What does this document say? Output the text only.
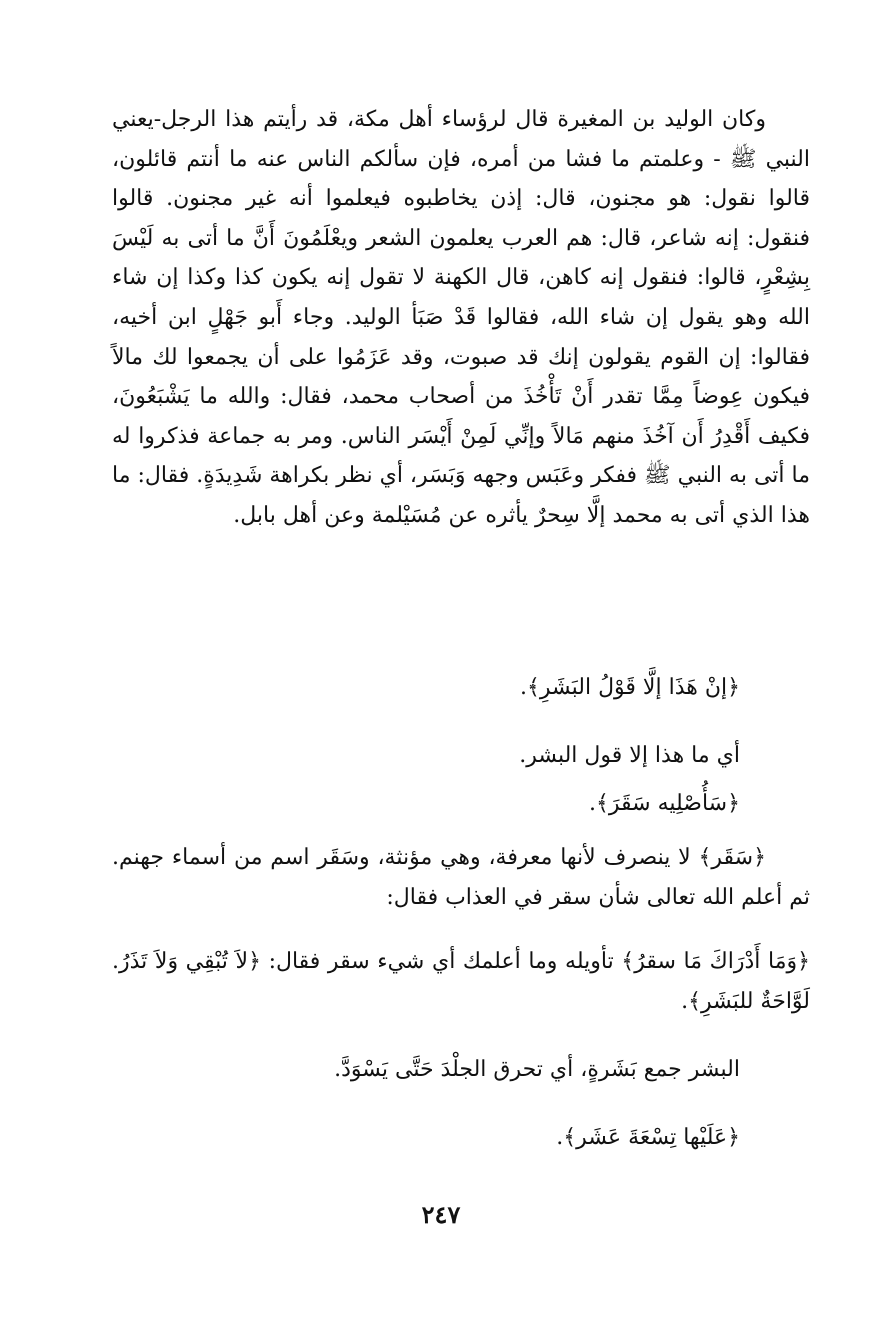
وكان الوليد بن المغيرة قال لرؤساء أهل مكة، قد رأيتم هذا الرجل-يعني النبي ﷺ - وعلمتم ما فشا من أمره، فإن سألكم الناس عنه ما أنتم قائلون، قالوا نقول: هو مجنون، قال: إذن يخاطبوه فيعلموا أنه غير مجنون. قالوا فنقول: إنه شاعر، قال: هم العرب يعلمون الشعر ويعْلَمُونَ أَنَّ ما أتى به لَيْسَ بِشِعْرٍ، قالوا: فنقول إنه كاهن، قال الكهنة لا تقول إنه يكون كذا وكذا إن شاء الله وهو يقول إن شاء الله، فقالوا قَدْ صَبَأ الوليد. وجاء أَبو جَهْلٍ ابن أخيه، فقالوا: إن القوم يقولون إنك قد صبوت، وقد عَزَمُوا على أن يجمعوا لك مالاً فيكون عِوضاً مِمَّا تقدر أَنْ تَأْخُذَ من أصحاب محمد، فقال: والله ما يَشْبَعُونَ، فكيف أَقْدِرُ أَن آخُذَ منهم مَالاً وإنِّي لَمِنْ أَيْسَر الناس. ومر به جماعة فذكروا له ما أتى به النبي ﷺ ففكر وعَبَس وجهه وَبَسَر، أي نظر بكراهة شَدِيدَةٍ. فقال: ما هذا الذي أتى به محمد إلَّا سِحرٌ يأثره عن مُسَيْلمة وعن أهل بابل.

﴿إنْ هَذَا إلَّا قَوْلُ البَشَرِ﴾.

أي ما هذا إلا قول البشر.

﴿سَأُصْلِيه سَقَرَ﴾.

﴿سَقَر﴾ لا ينصرف لأنها معرفة، وهي مؤنثة، وسَقَر اسم من أسماء جهنم. ثم أعلم الله تعالى شأن سقر في العذاب فقال:

﴿وَمَا أَدْرَاكَ مَا سقرُ﴾ تأويله وما أعلمك أي شيء سقر فقال: ﴿لاَ تُبْقِي وَلاَ تَذَرُ. لَوَّاحَةٌ للبَشَرِ﴾.

البشر جمع بَشَرةٍ، أي تحرق الجلْدَ حَتَّى يَسْوَدَّ.

﴿عَلَيْها تِسْعَةَ عَشَر﴾.

٢٤٧
